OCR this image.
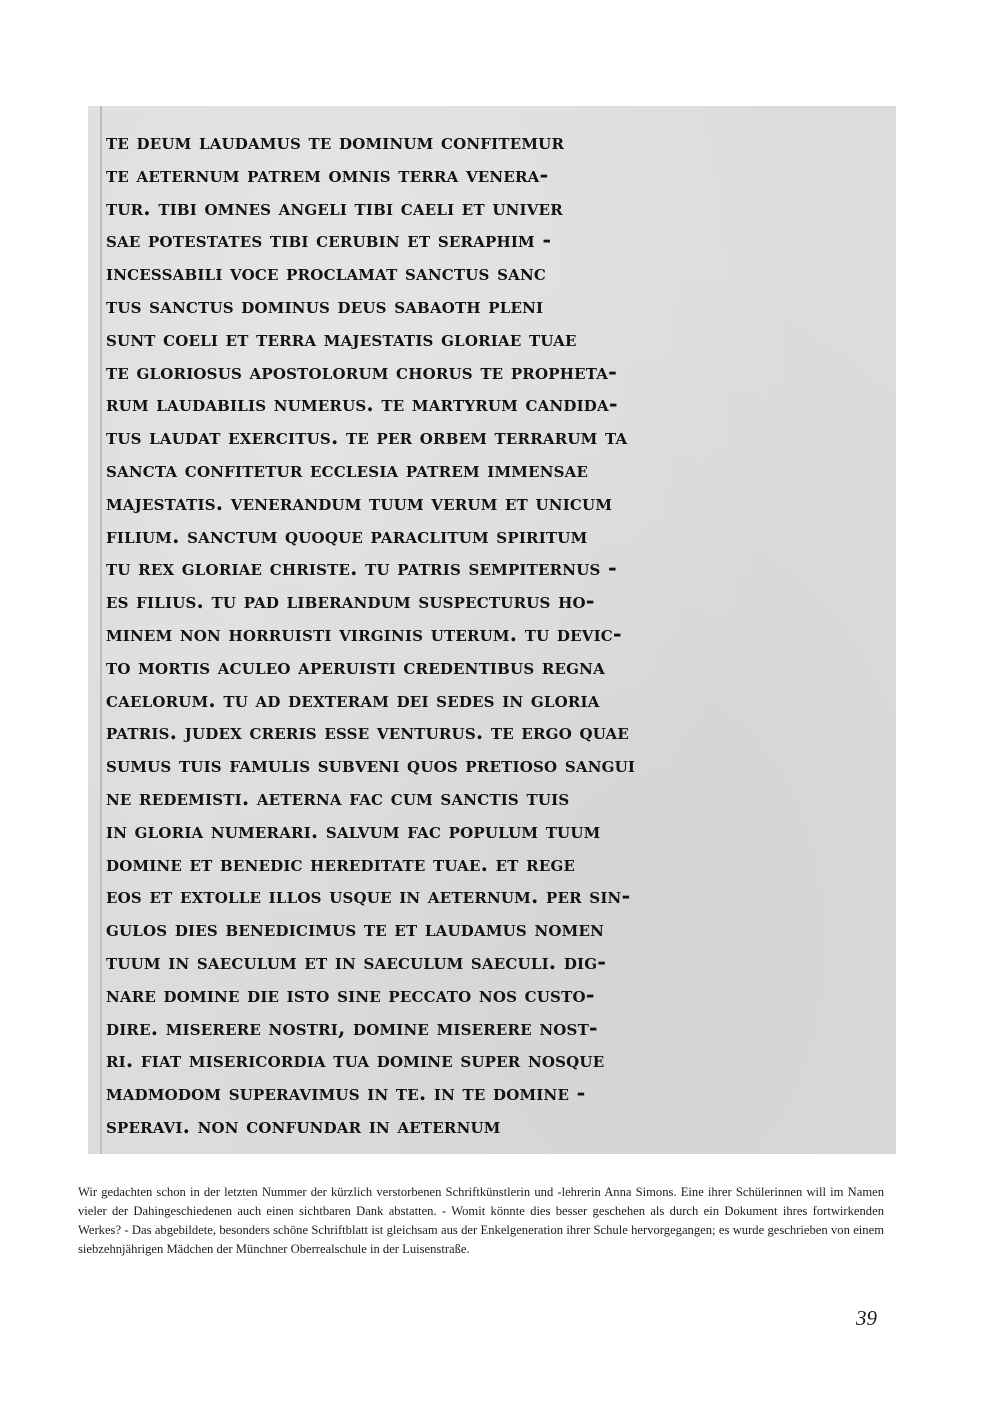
te deum laudamus te dominum confitemur
te aeternum patrem omnis terra venera-
tur. tibi omnes angeli tibi caeli et univer
sae potestates tibi cerubin et seraphim -
incessabili voce proclamat sanctus sanc
tus sanctus dominus deus sabaoth pleni
sunt coeli et terra majestatis gloriae tuae
te gloriosus apostolorum chorus te propheta-
rum laudabilis numerus. te martyrum candida-
tus laudat exercitus. te per orbem terrarum ta
sancta confitetur ecclesia patrem immensae
majestatis. venerandum tuum verum et unicum
filium. sanctum quoque paraclitum spiritum
tu rex gloriae christe. tu patris sempiternus -
es filius. tu pad liberandum suspecturus ho-
minem non horruisti virginis uterum. tu devic-
to mortis aculeo aperuisti credentibus regna
caelorum. tu ad dexteram dei sedes in gloria
patris. judex creris esse venturus. te ergo quae
sumus tuis famulis subveni quos pretioso sangui
ne redemisti. aeterna fac cum sanctis tuis
in gloria numerari. salvum fac populum tuum
domine et benedic hereditate tuae. et rege
eos et extolle illos usque in aeternum. per sin-
gulos dies benedicimus te et laudamus nomen
tuum in saeculum et in saeculum saeculi. dig-
nare domine die isto sine peccato nos custo-
dire. miserere nostri, domine miserere nost-
ri. fiat misericordia tua domine super nosque
madmodom superavimus in te. in te domine -
speravi. non confundar in aeternum

Wir gedachten schon in der letzten Nummer der kürzlich verstorbenen Schriftkünstlerin und -lehrerin Anna Simons. Eine ihrer Schülerinnen will im Namen vieler der Dahingeschiedenen auch einen sichtbaren Dank abstatten. - Womit könnte dies besser geschehen als durch ein Dokument ihres fortwirkenden Werkes? - Das abgebildete, besonders schöne Schriftblatt ist gleichsam aus der Enkelgeneration ihrer Schule hervorgegangen; es wurde geschrieben von einem siebzehnjährigen Mädchen der Münchner Oberrealschule in der Luisenstraße.

39
